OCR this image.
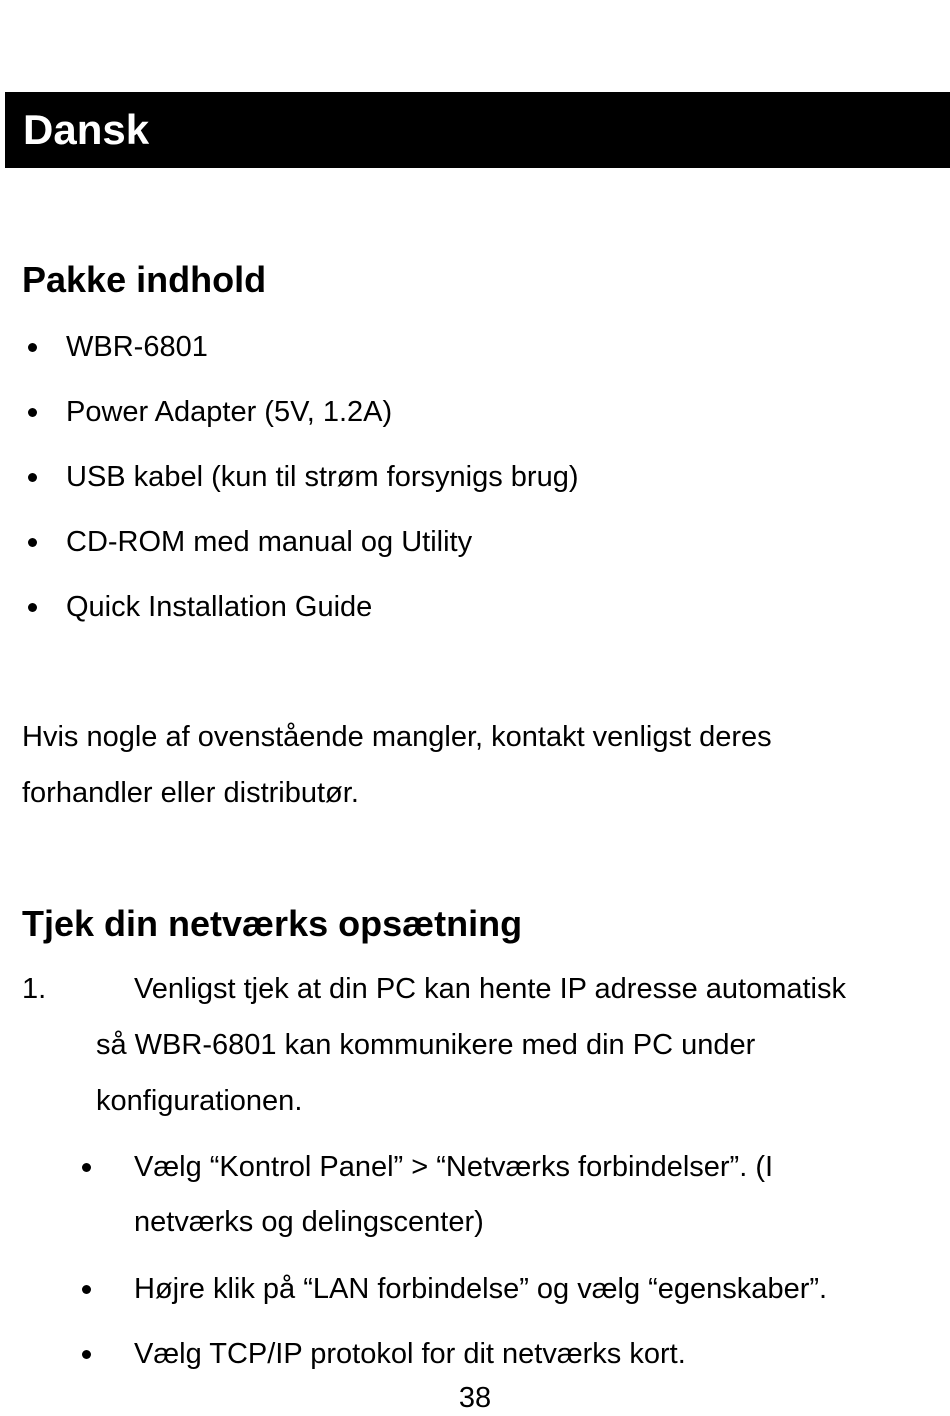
Dansk
Pakke indhold
WBR-6801
Power Adapter (5V, 1.2A)
USB kabel (kun til strøm forsynigs brug)
CD-ROM med manual og Utility
Quick Installation Guide
Hvis nogle af ovenstående mangler, kontakt venligst deres
forhandler eller distributør.
Tjek din netværks opsætning
1.	Venligst tjek at din PC kan hente IP adresse automatisk
så WBR-6801 kan kommunikere med din PC under
konfigurationen.
Vælg “Kontrol Panel” > “Netværks forbindelser”. (I
netværks og delingscenter)
Højre klik på “LAN forbindelse” og vælg “egenskaber”.
Vælg TCP/IP protokol for dit netværks kort.
38
